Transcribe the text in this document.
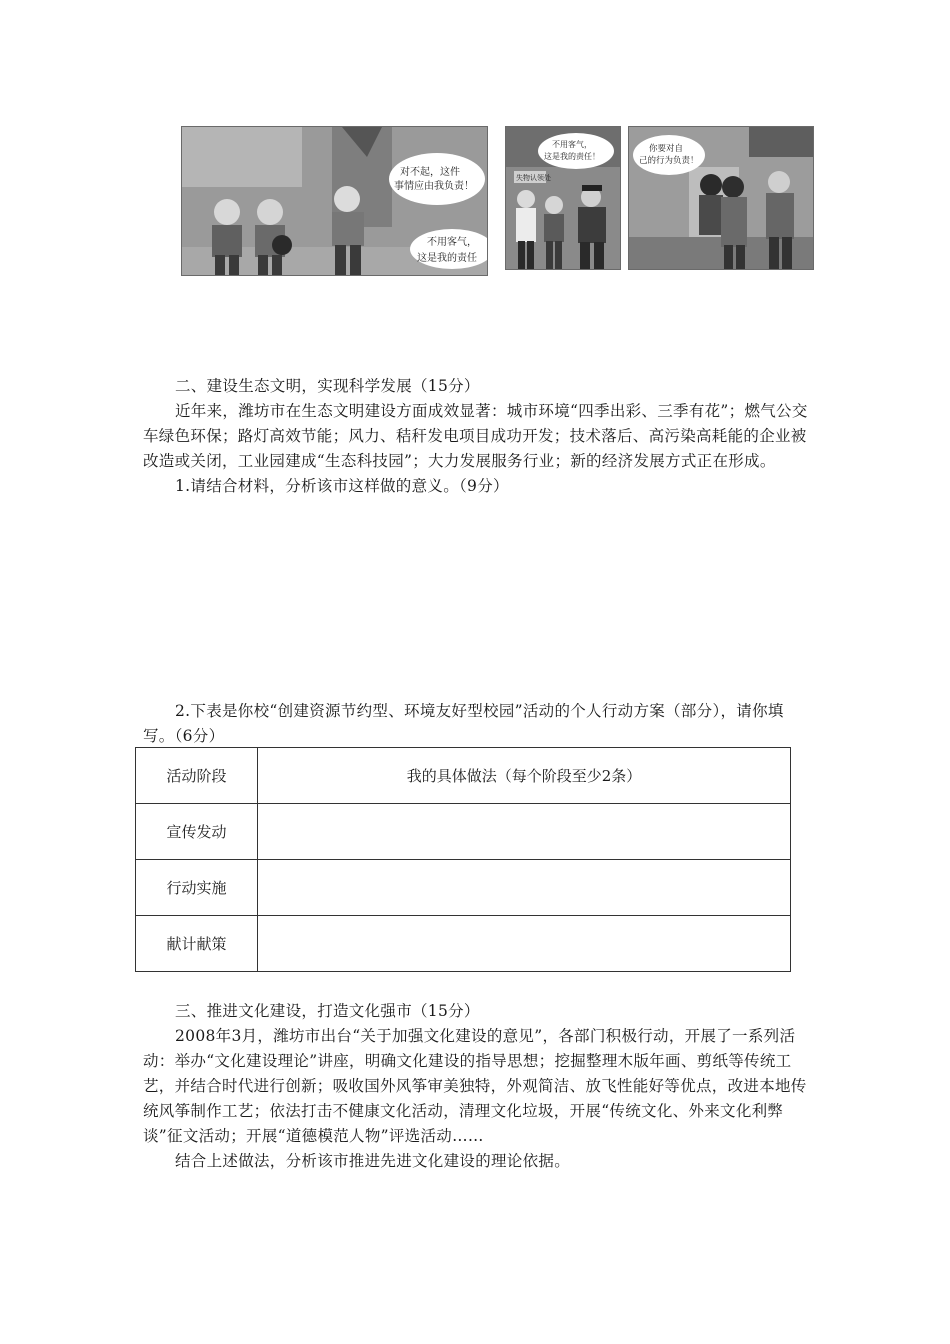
对不起，这件
事情应由我负责！
不用客气，
这是我的责任
失物认领处
不用客气，
这是我的责任！
你要对自
己的行为负责！

二、建设生态文明，实现科学发展（15分）

近年来，潍坊市在生态文明建设方面成效显著：城市环境“四季出彩、三季有花”；燃气公交车绿色环保；路灯高效节能；风力、秸秆发电项目成功开发；技术落后、高污染高耗能的企业被改造或关闭，工业园建成“生态科技园”；大力发展服务行业；新的经济发展方式正在形成。

1.请结合材料，分析该市这样做的意义。（9分）

2.下表是你校“创建资源节约型、环境友好型校园”活动的个人行动方案（部分），请你填写。（6分）

活动阶段	我的具体做法（每个阶段至少2条）
宣传发动	
行动实施	
献计献策	

三、推进文化建设，打造文化强市（15分）

2008年3月，潍坊市出台“关于加强文化建设的意见”，各部门积极行动，开展了一系列活动：举办“文化建设理论”讲座，明确文化建设的指导思想；挖掘整理木版年画、剪纸等传统工艺，并结合时代进行创新；吸收国外风筝审美独特，外观简洁、放飞性能好等优点，改进本地传统风筝制作工艺；依法打击不健康文化活动，清理文化垃圾，开展“传统文化、外来文化利弊谈”征文活动；开展“道德模范人物”评选活动……

结合上述做法，分析该市推进先进文化建设的理论依据。
